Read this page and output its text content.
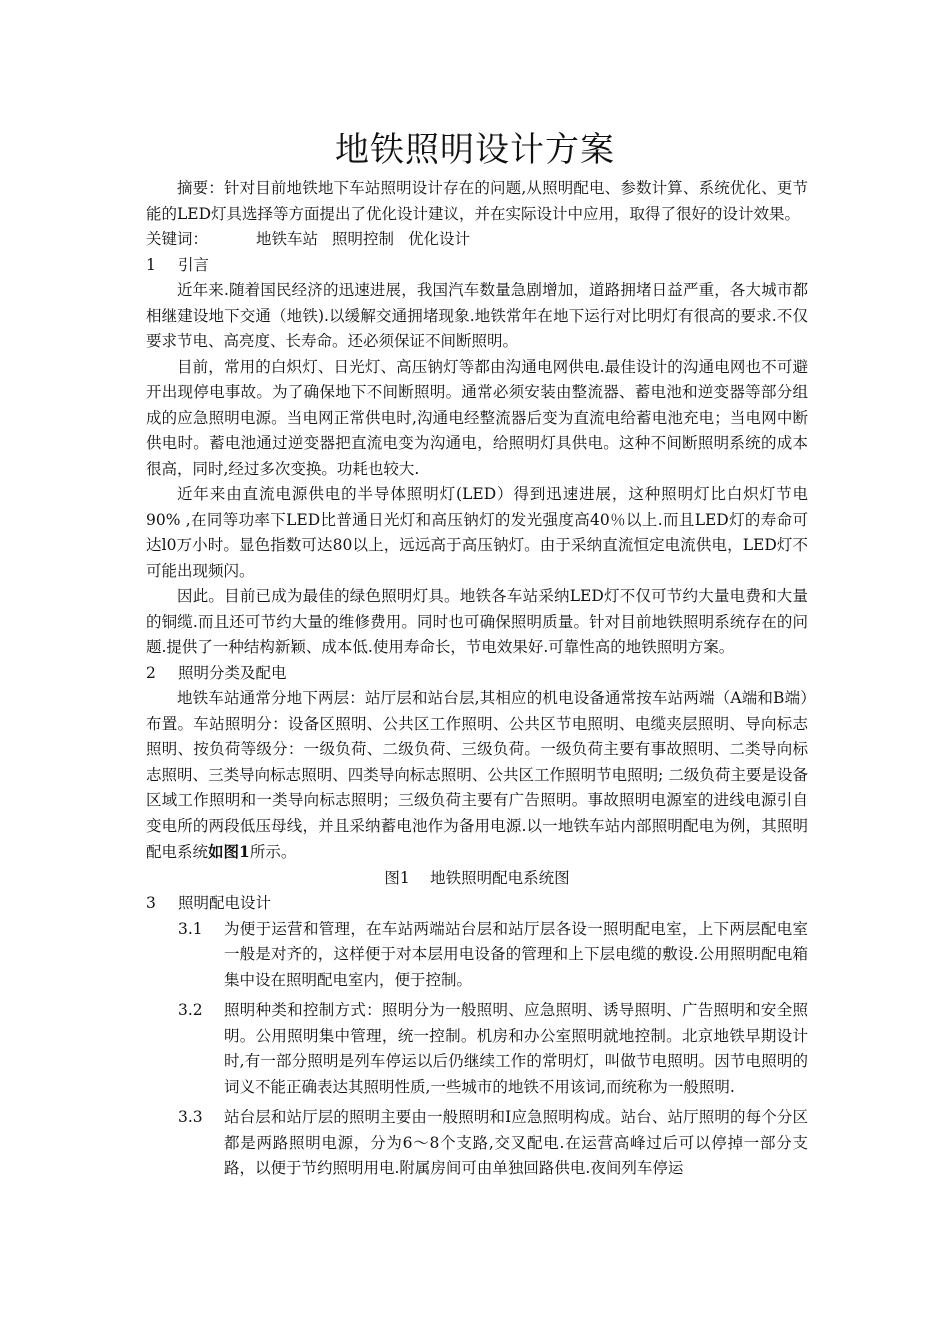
地铁照明设计方案

摘要：针对目前地铁地下车站照明设计存在的问题,从照明配电、参数计算、系统优化、更节能的LED灯具选择等方面提出了优化设计建议，并在实际设计中应用，取得了很好的设计效果。

关键词：	地铁车站 照明控制 优化设计

1 引言

近年来.随着国民经济的迅速进展，我国汽车数量急剧增加，道路拥堵日益严重，各大城市都相继建设地下交通（地铁).以缓解交通拥堵现象.地铁常年在地下运行对比明灯有很高的要求.不仅要求节电、高亮度、长寿命。还必须保证不间断照明。

目前，常用的白炽灯、日光灯、高压钠灯等都由沟通电网供电.最佳设计的沟通电网也不可避开出现停电事故。为了确保地下不间断照明。通常必须安装由整流器、蓄电池和逆变器等部分组成的应急照明电源。当电网正常供电时,沟通电经整流器后变为直流电给蓄电池充电；当电网中断供电时。蓄电池通过逆变器把直流电变为沟通电，给照明灯具供电。这种不间断照明系统的成本很高，同时,经过多次变换。功耗也较大.

近年来由直流电源供电的半导体照明灯(LED）得到迅速进展，这种照明灯比白炽灯节电90% ,在同等功率下LED比普通日光灯和高压钠灯的发光强度高40％以上.而且LED灯的寿命可达l0万小时。显色指数可达80以上，远远高于高压钠灯。由于采纳直流恒定电流供电，LED灯不可能出现频闪。

因此。目前已成为最佳的绿色照明灯具。地铁各车站采纳LED灯不仅可节约大量电费和大量的铜缆.而且还可节约大量的维修费用。同时也可确保照明质量。针对目前地铁照明系统存在的问题.提供了一种结构新颖、成本低.使用寿命长，节电效果好.可靠性高的地铁照明方案。

2 照明分类及配电

地铁车站通常分地下两层：站厅层和站台层,其相应的机电设备通常按车站两端（A端和B端）布置。车站照明分：设备区照明、公共区工作照明、公共区节电照明、电缆夹层照明、导向标志照明、按负荷等级分：一级负荷、二级负荷、三级负荷。一级负荷主要有事故照明、二类导向标志照明、三类导向标志照明、四类导向标志照明、公共区工作照明节电照明; 二级负荷主要是设备区域工作照明和一类导向标志照明；三级负荷主要有广告照明。事故照明电源室的进线电源引自变电所的两段低压母线，并且采纳蓄电池作为备用电源.以一地铁车站内部照明配电为例，其照明配电系统如图1所示。

图1　 地铁照明配电系统图

3 照明配电设计

3.1 为便于运营和管理，在车站两端站台层和站厅层各设一照明配电室，上下两层配电室一般是对齐的，这样便于对本层用电设备的管理和上下层电缆的敷设.公用照明配电箱集中设在照明配电室内，便于控制。

3.2 照明种类和控制方式：照明分为一般照明、应急照明、诱导照明、广告照明和安全照明。公用照明集中管理，统一控制。机房和办公室照明就地控制。北京地铁早期设计时,有一部分照明是列车停运以后仍继续工作的常明灯，叫做节电照明。因节电照明的词义不能正确表达其照明性质,一些城市的地铁不用该词,而统称为一般照明.

3.3 站台层和站厅层的照明主要由一般照明和I应急照明构成。站台、站厅照明的每个分区都是两路照明电源，分为6～8个支路,交叉配电.在运营高峰过后可以停掉一部分支路，以便于节约照明用电.附属房间可由单独回路供电.夜间列车停运
